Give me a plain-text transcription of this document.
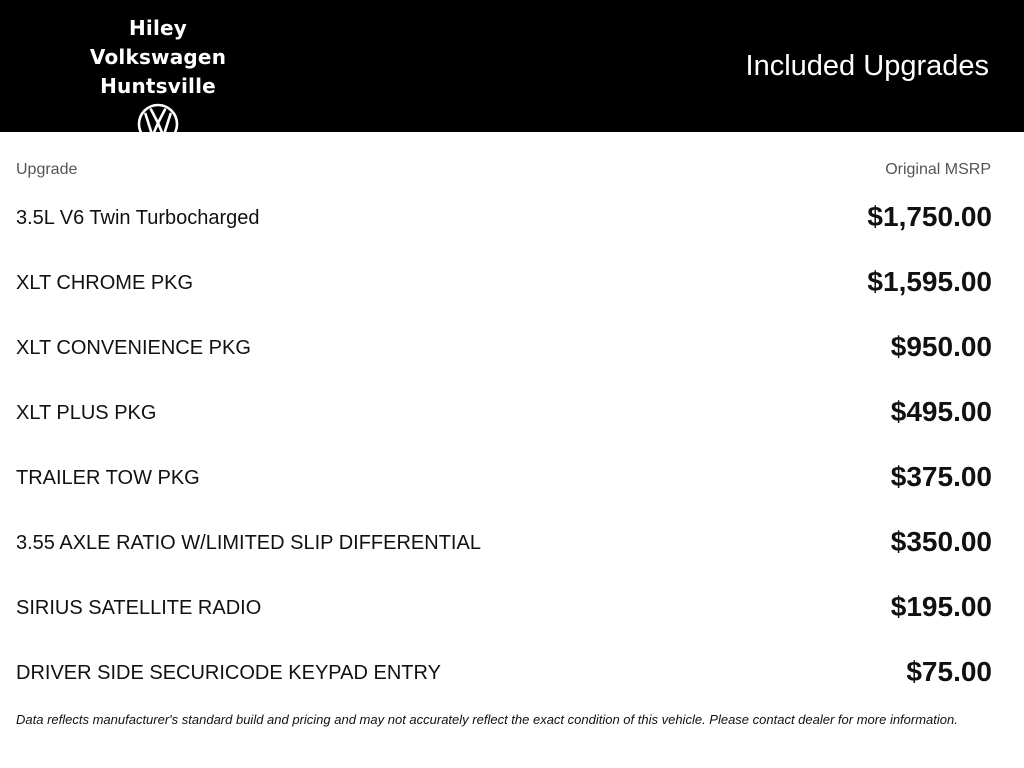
Hiley Volkswagen
Huntsville
Included Upgrades
Upgrade	Original MSRP
3.5L V6 Twin Turbocharged	$1,750.00
XLT CHROME PKG	$1,595.00
XLT CONVENIENCE PKG	$950.00
XLT PLUS PKG	$495.00
TRAILER TOW PKG	$375.00
3.55 AXLE RATIO W/LIMITED SLIP DIFFERENTIAL	$350.00
SIRIUS SATELLITE RADIO	$195.00
DRIVER SIDE SECURICODE KEYPAD ENTRY	$75.00
Data reflects manufacturer's standard build and pricing and may not accurately reflect the exact condition of this vehicle. Please contact dealer for more information.
